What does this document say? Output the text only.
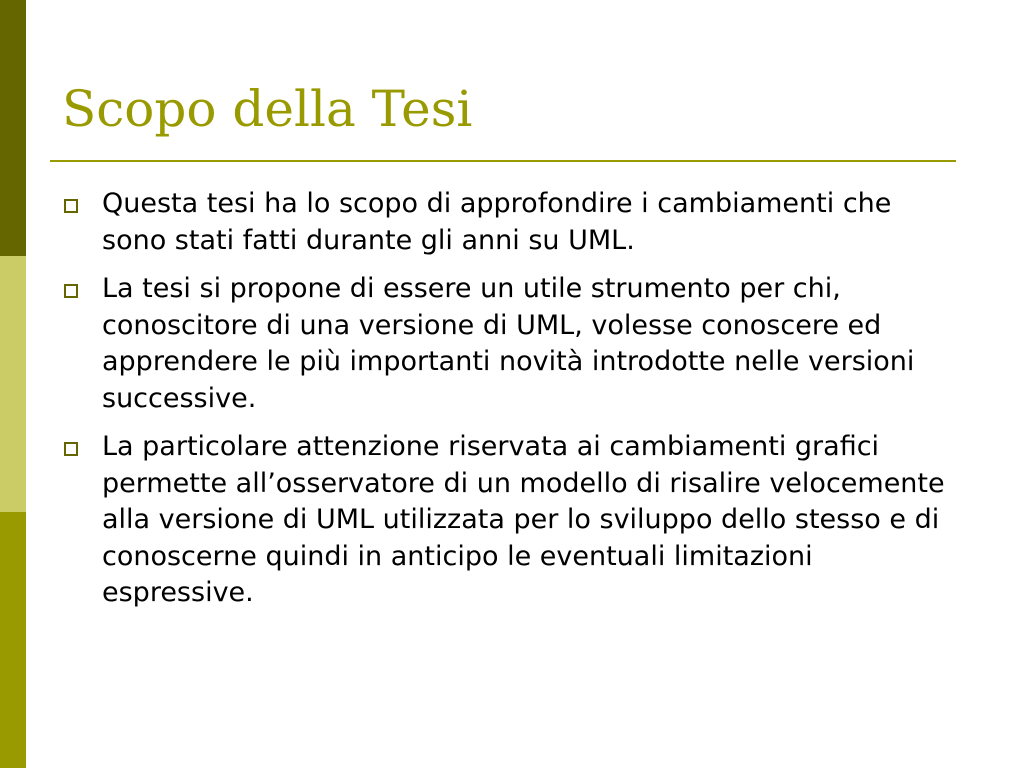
Scopo della Tesi
Questa tesi ha lo scopo di approfondire i cambiamenti che sono stati fatti durante gli anni su UML.
La tesi si propone di essere un utile strumento per chi, conoscitore di una versione di UML, volesse conoscere ed apprendere le più importanti novità introdotte nelle versioni successive.
La particolare attenzione riservata ai cambiamenti grafici permette all’osservatore di un modello di risalire velocemente alla versione di UML utilizzata per lo sviluppo dello stesso e di conoscerne quindi in anticipo le eventuali limitazioni espressive.
